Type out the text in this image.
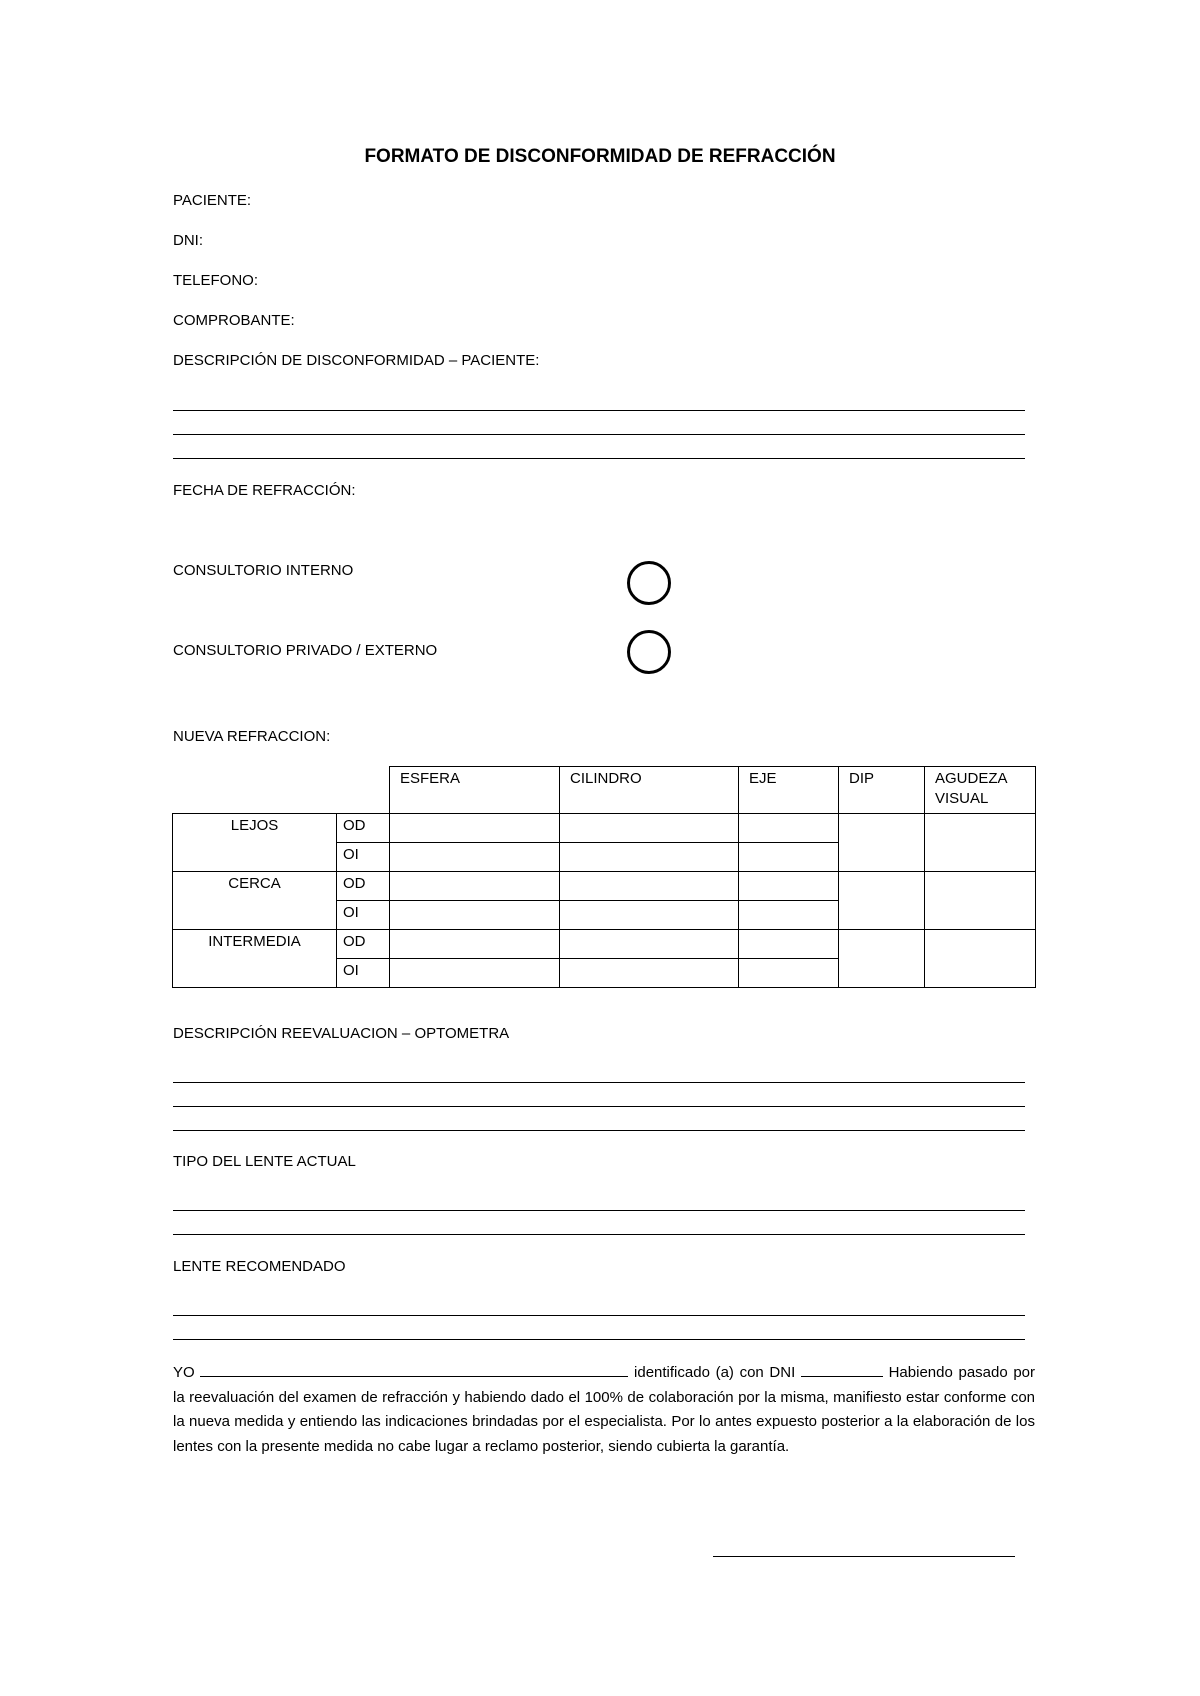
FORMATO DE DISCONFORMIDAD DE REFRACCIÓN
PACIENTE:
DNI:
TELEFONO:
COMPROBANTE:
DESCRIPCIÓN DE DISCONFORMIDAD – PACIENTE:
FECHA DE REFRACCIÓN:
CONSULTORIO INTERNO
CONSULTORIO PRIVADO / EXTERNO
NUEVA REFRACCION:
		ESFERA	CILINDRO	EJE	DIP	AGUDEZA VISUAL
LEJOS	OD					
	OI					
CERCA	OD					
	OI					
INTERMEDIA	OD					
	OI					
DESCRIPCIÓN REEVALUACION – OPTOMETRA
TIPO DEL LENTE ACTUAL
LENTE RECOMENDADO
YO	identificado (a) con DNI	Habiendo pasado por la reevaluación del examen de refracción y habiendo dado el 100% de colaboración por la misma, manifiesto estar conforme con la nueva medida y entiendo las indicaciones brindadas por el especialista. Por lo antes expuesto posterior a la elaboración de los lentes con la presente medida no cabe lugar a reclamo posterior, siendo cubierta la garantía.
